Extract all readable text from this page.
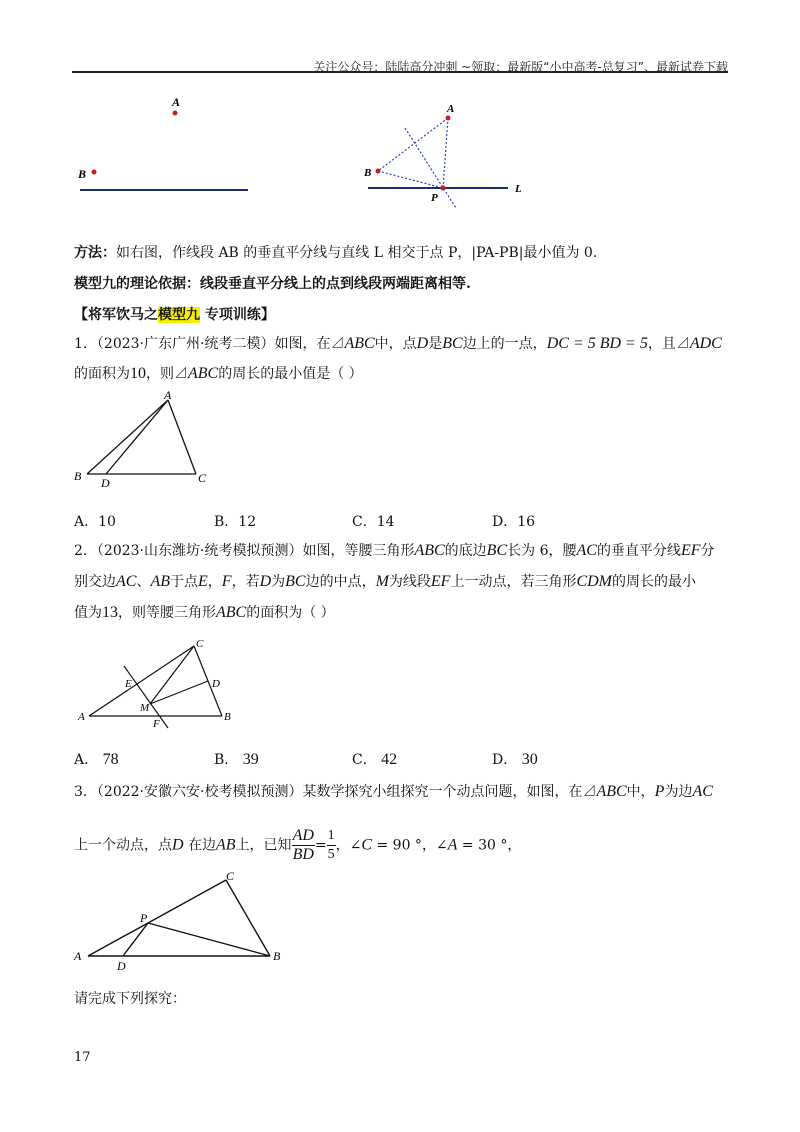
关注公众号：陆陆高分冲刺 ~领取：最新版“小中高考-总复习”、最新试卷下载
A
B
A
B
P
L
方法：如右图，作线段 AB 的垂直平分线与直线 L 相交于点 P，|PA-PB|最小值为 0.
模型九的理论依据：线段垂直平分线上的点到线段两端距离相等.
【将军饮马之模型九 专项训练】
1．（2023·广东广州·统考二模）如图，在⊿ABC中，点D是BC边上的一点，DC = 5 BD = 5，且⊿ADC
的面积为10，则⊿ABC的周长的最小值是（ ）
A
B	C
D
A．10	B．12	C．14	D．16
2．（2023·山东潍坊·统考模拟预测）如图，等腰三角形ABC的底边BC长为 6，腰AC的垂直平分线EF分
别交边AC、AB于点E，F，若D为BC边的中点，M为线段EF上一动点，若三角形CDM的周长的最小
值为13，则等腰三角形ABC的面积为（ ）
C
D
E
M
A	B
F
A． 78	B． 39	C． 42	D． 30
3．（2022·安徽六安·校考模拟预测）某数学探究小组探究一个动点问题，如图，在⊿ABC中，P为边AC
上一个动点，点D 在边AB上，已知 $\frac{AD}{BD} = \frac{1}{5}$ ，∠C = 90 °，∠A = 30 °，
C
P
A	B
D
请完成下列探究：
17
